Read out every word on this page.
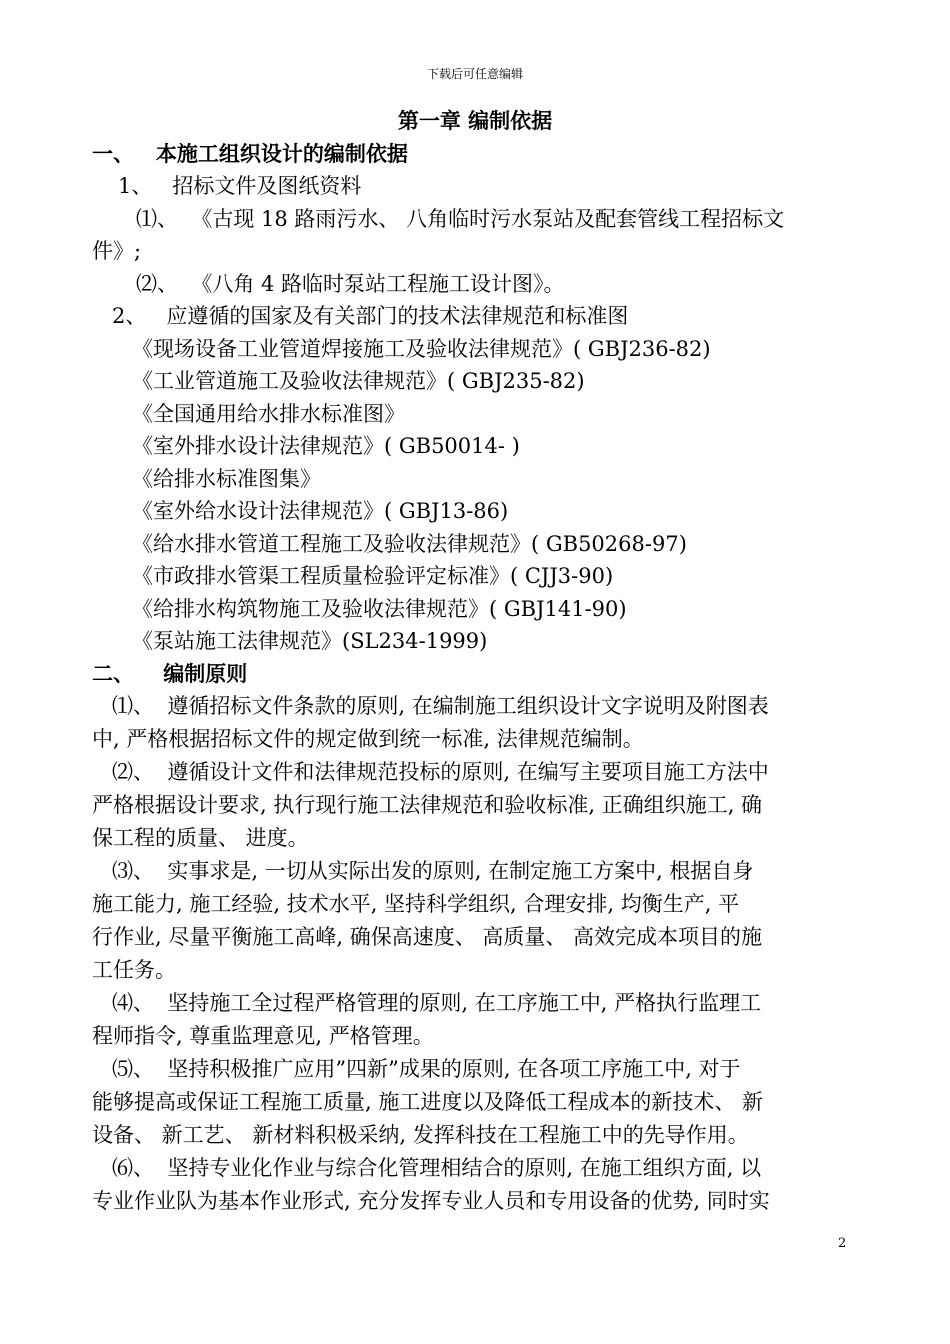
下载后可任意编辑
第一章 编制依据
一、   本施工组织设计的编制依据
1、   招标文件及图纸资料
⑴、  《古现 18 路雨污水、 八角临时污水泵站及配套管线工程招标文
件》;
⑵、  《八角 4 路临时泵站工程施工设计图》。
2、   应遵循的国家及有关部门的技术法律规范和标准图
《现场设备工业管道焊接施工及验收法律规范》( GBJ236-82)
《工业管道施工及验收法律规范》( GBJ235-82)
《全国通用给水排水标准图》
《室外排水设计法律规范》( GB50014- )
《给排水标准图集》
《室外给水设计法律规范》( GBJ13-86)
《给水排水管道工程施工及验收法律规范》( GB50268-97)
《市政排水管渠工程质量检验评定标准》( CJJ3-90)
《给排水构筑物施工及验收法律规范》( GBJ141-90)
《泵站施工法律规范》(SL234-1999)
二、    编制原则
⑴、  遵循招标文件条款的原则, 在编制施工组织设计文字说明及附图表
中, 严格根据招标文件的规定做到统一标准, 法律规范编制。
⑵、  遵循设计文件和法律规范投标的原则, 在编写主要项目施工方法中
严格根据设计要求, 执行现行施工法律规范和验收标准, 正确组织施工, 确
保工程的质量、 进度。
⑶、  实事求是, 一切从实际出发的原则, 在制定施工方案中, 根据自身
施工能力, 施工经验, 技术水平, 坚持科学组织, 合理安排, 均衡生产, 平
行作业, 尽量平衡施工高峰, 确保高速度、 高质量、 高效完成本项目的施
工任务。
⑷、  坚持施工全过程严格管理的原则, 在工序施工中, 严格执行监理工
程师指令, 尊重监理意见, 严格管理。
⑸、  坚持积极推广应用”四新”成果的原则, 在各项工序施工中, 对于
能够提高或保证工程施工质量, 施工进度以及降低工程成本的新技术、 新
设备、 新工艺、 新材料积极采纳, 发挥科技在工程施工中的先导作用。
⑹、  坚持专业化作业与综合化管理相结合的原则, 在施工组织方面, 以
专业作业队为基本作业形式, 充分发挥专业人员和专用设备的优势, 同时实
2
